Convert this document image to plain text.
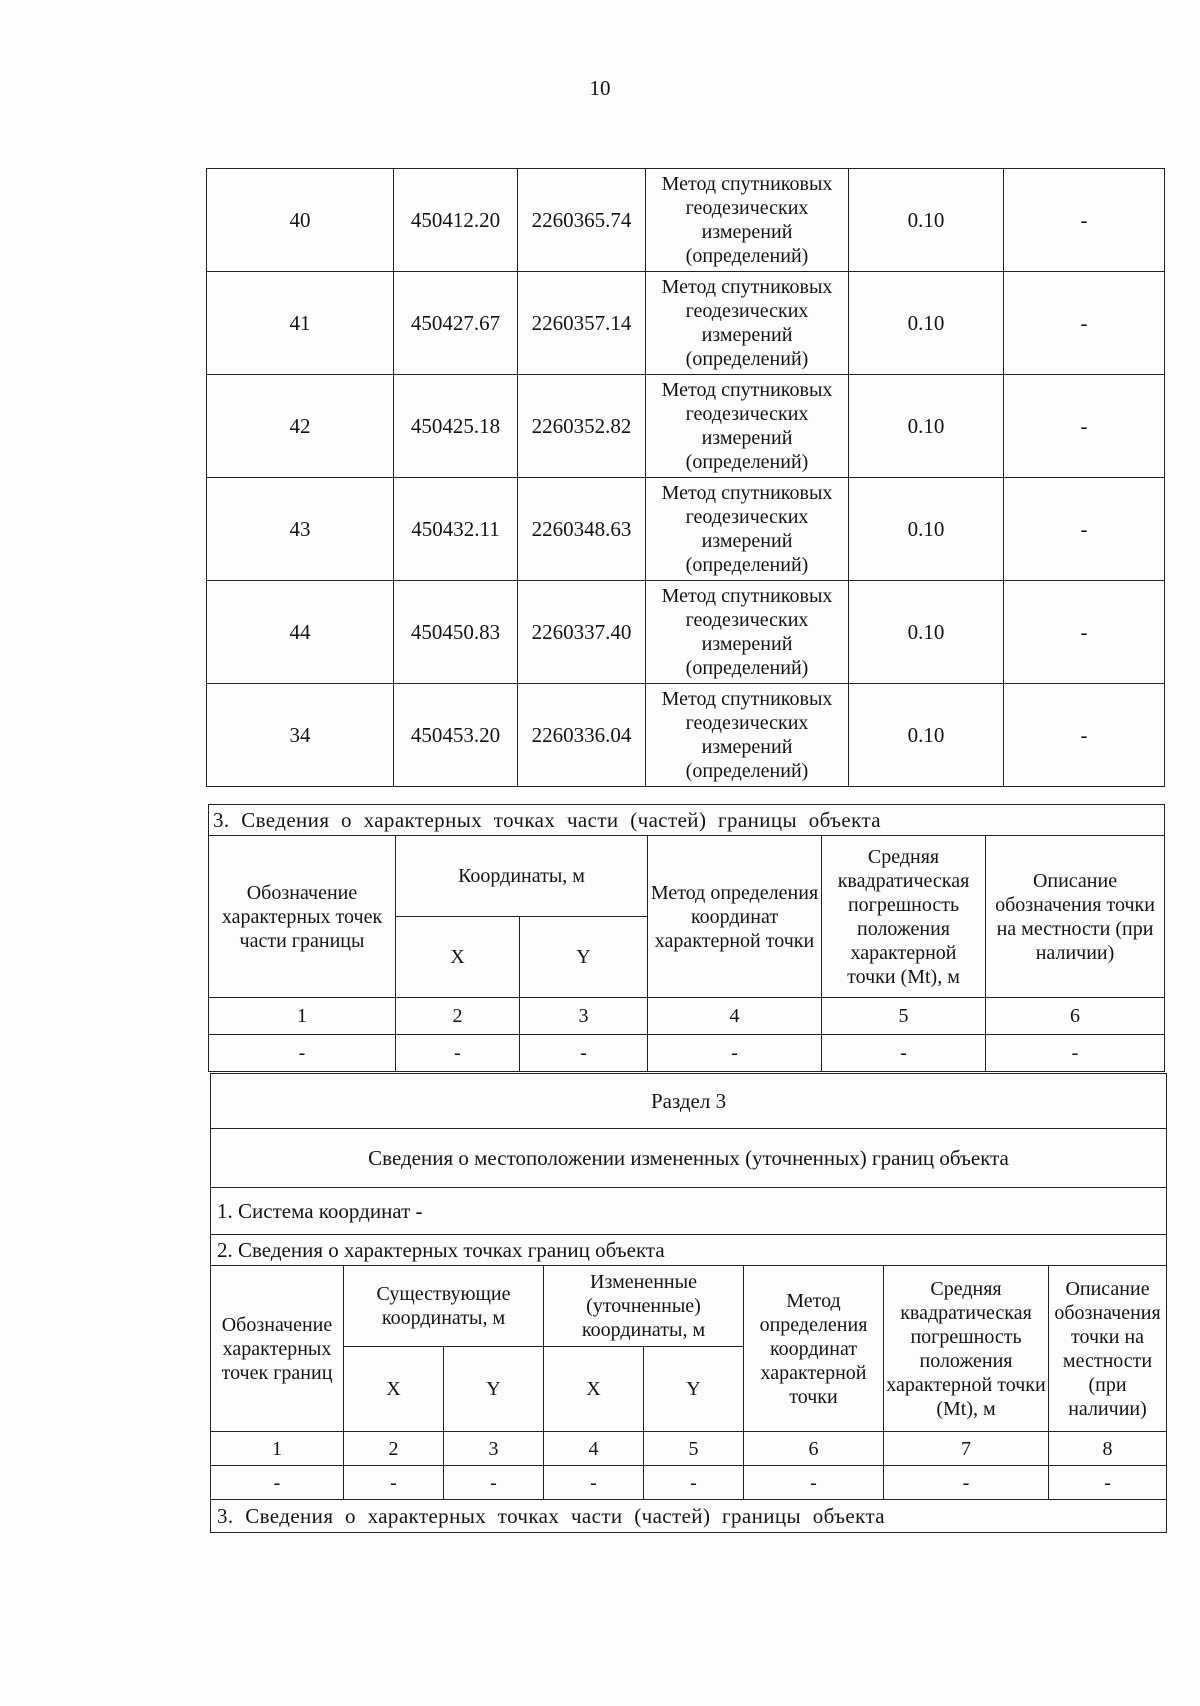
10
40	450412.20	2260365.74	Метод спутниковых геодезических измерений (определений)	0.10	-
41	450427.67	2260357.14	Метод спутниковых геодезических измерений (определений)	0.10	-
42	450425.18	2260352.82	Метод спутниковых геодезических измерений (определений)	0.10	-
43	450432.11	2260348.63	Метод спутниковых геодезических измерений (определений)	0.10	-
44	450450.83	2260337.40	Метод спутниковых геодезических измерений (определений)	0.10	-
34	450453.20	2260336.04	Метод спутниковых геодезических измерений (определений)	0.10	-
3. Сведения о характерных точках части (частей) границы объекта					
Обозначение характерных точек части границы	Координаты, м		Метод определения координат характерной точки	Средняя квадратическая погрешность положения характерной точки (Mt), м	Описание обозначения точки на местности (при наличии)
	X	Y			
1	2	3	4	5	6
-	-	-	-	-	-
Раздел 3							
Сведения о местоположении измененных (уточненных) границ объекта							
1. Система координат -							
2. Сведения о характерных точках границ объекта							
Обозначение характерных точек границ	Существующие координаты, м		Измененные (уточненные) координаты, м		Метод определения координат характерной точки	Средняя квадратическая погрешность положения характерной точки (Mt), м	Описание обозначения точки на местности (при наличии)
	X	Y	X	Y			
1	2	3	4	5	6	7	8
-	-	-	-	-	-	-	-
3. Сведения о характерных точках части (частей) границы объекта							
